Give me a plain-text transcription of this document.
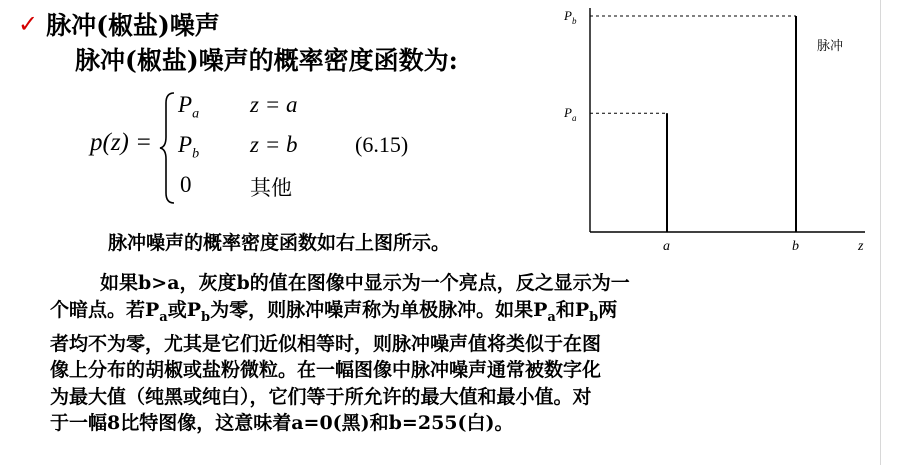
✓ 脉冲(椒盐)噪声
脉冲(椒盐)噪声的概率密度函数为:
p(z) =
$P_a$ z = a
$P_b$ z = b
0	其他
(6.15)
脉冲噪声的概率密度函数如右上图所示。
如果b>a，灰度b的值在图像中显示为一个亮点，反之显示为一
个暗点。若$P_a$或$P_b$为零，则脉冲噪声称为单极脉冲。如果$P_a$和$P_b$两
者均不为零，尤其是它们近似相等时，则脉冲噪声值将类似于在图
像上分布的胡椒或盐粉微粒。在一幅图像中脉冲噪声通常被数字化
为最大值（纯黑或纯白），它们等于所允许的最大值和最小值。对
于一幅8比特图像，这意味着a=0(黑)和b=255(白)。
a
$P_a$
b
$P_b$
脉冲
z
